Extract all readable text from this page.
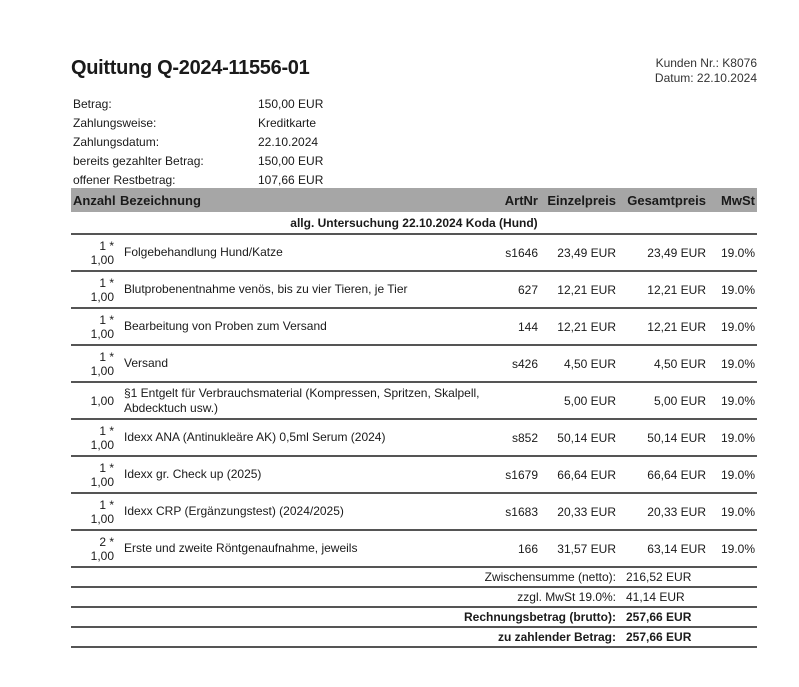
Quittung Q-2024-11556-01	Kunden Nr.: K8076
Datum: 22.10.2024
Betrag:	150,00 EUR
Zahlungsweise:	Kreditkarte
Zahlungsdatum:	22.10.2024
bereits gezahlter Betrag:	150,00 EUR
offener Restbetrag:	107,66 EUR
Anzahl	Bezeichnung	ArtNr	Einzelpreis	Gesamtpreis	MwSt
allg. Untersuchung 22.10.2024 Koda (Hund)					

1 *
1,00	Folgebehandlung Hund/Katze	s1646	23,49 EUR	23,49 EUR	19.0%

1 *
1,00	Blutprobenentnahme venös, bis zu vier Tieren, je Tier	627	12,21 EUR	12,21 EUR	19.0%

1 *
1,00	Bearbeitung von Proben zum Versand	144	12,21 EUR	12,21 EUR	19.0%

1 *
1,00	Versand	s426	4,50 EUR	4,50 EUR	19.0%

1,00	§1 Entgelt für Verbrauchsmaterial (Kompressen, Spritzen, Skalpell, Abdecktuch usw.)		5,00 EUR	5,00 EUR	19.0%

1 *
1,00	Idexx ANA (Antinukleäre AK) 0,5ml Serum (2024)	s852	50,14 EUR	50,14 EUR	19.0%

1 *
1,00	Idexx gr. Check up (2025)	s1679	66,64 EUR	66,64 EUR	19.0%

1 *
1,00	Idexx CRP (Ergänzungstest) (2024/2025)	s1683	20,33 EUR	20,33 EUR	19.0%

2 *
1,00	Erste und zweite Röntgenaufnahme, jeweils	166	31,57 EUR	63,14 EUR	19.0%
Zwischensumme (netto):				216,52 EUR	
zzgl. MwSt 19.0%:				41,14 EUR	
Rechnungsbetrag (brutto):				257,66 EUR	
zu zahlender Betrag:				257,66 EUR	
